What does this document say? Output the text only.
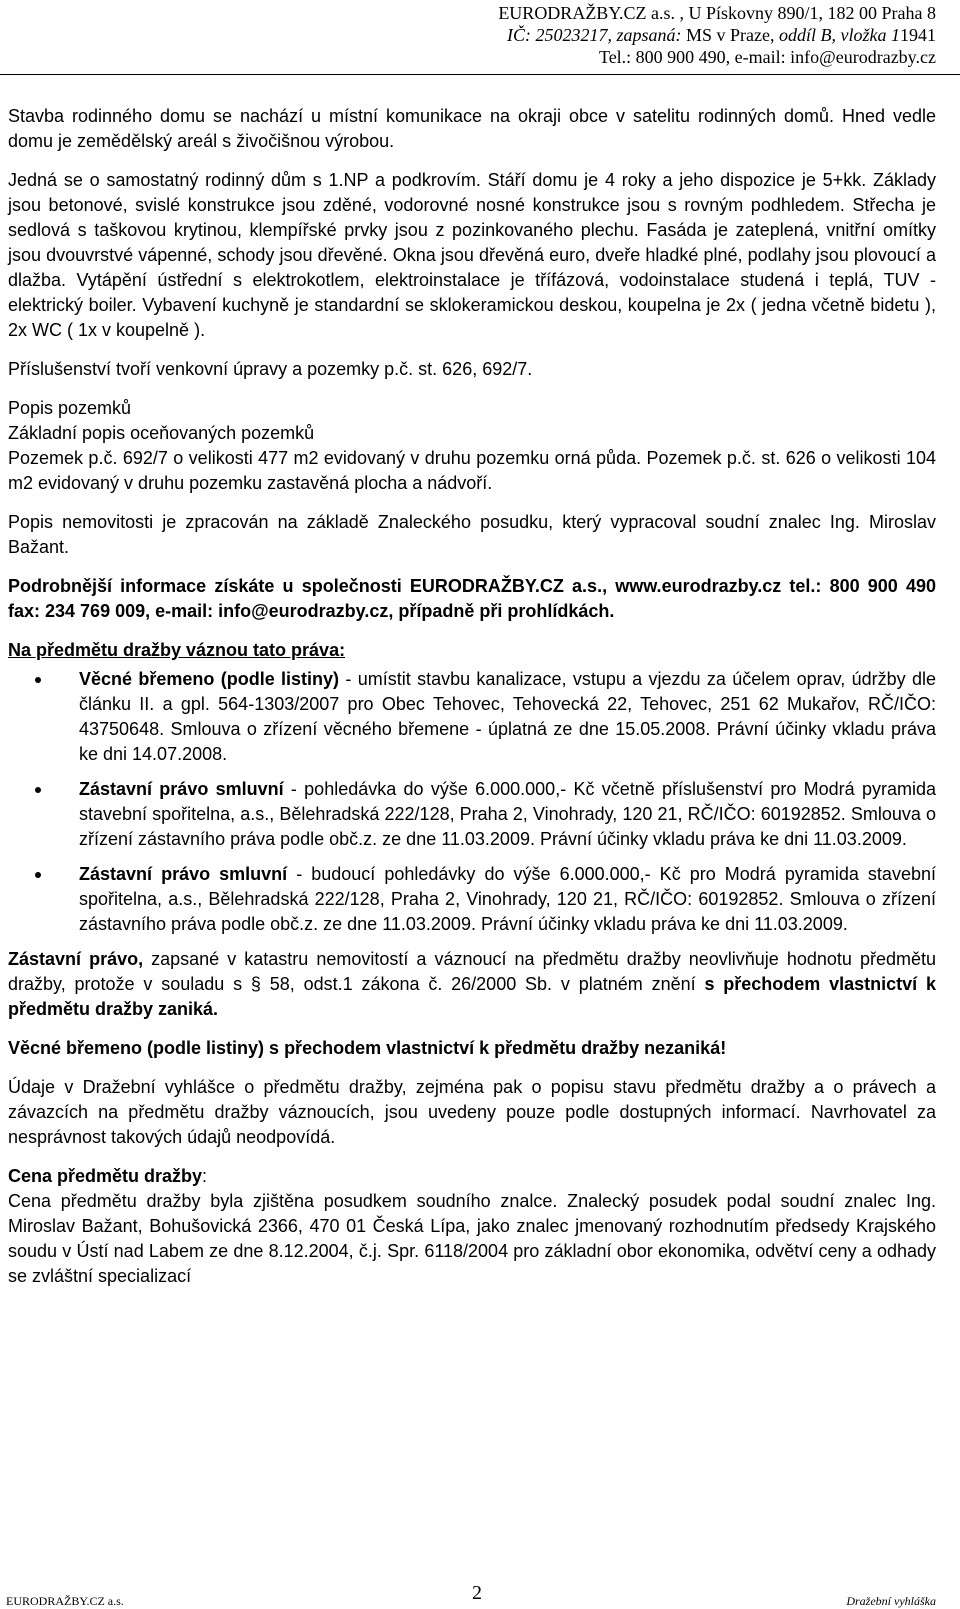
EURODRAŽBY.CZ a.s. , U Pískovny 890/1, 182 00 Praha 8
IČ: 25023217, zapsaná: MS v Praze, oddíl B, vložka 11941
Tel.: 800 900 490, e-mail: info@eurodrazby.cz

Stavba rodinného domu se nachází u místní komunikace na okraji obce v satelitu rodinných domů. Hned vedle domu je zemědělský areál s živočišnou výrobou.

Jedná se o samostatný rodinný dům s 1.NP a podkrovím. Stáří domu je 4 roky a jeho dispozice je 5+kk. Základy jsou betonové, svislé konstrukce jsou zděné, vodorovné nosné konstrukce jsou s rovným podhledem. Střecha je sedlová s taškovou krytinou, klempířské prvky jsou z pozinkovaného plechu. Fasáda je zateplená, vnitřní omítky jsou dvouvrstvé vápenné, schody jsou dřevěné. Okna jsou dřevěná euro, dveře hladké plné, podlahy jsou plovoucí a dlažba. Vytápění ústřední s elektrokotlem, elektroinstalace je třífázová, vodoinstalace studená i teplá, TUV - elektrický boiler. Vybavení kuchyně je standardní se sklokeramickou deskou, koupelna je 2x ( jedna včetně bidetu ), 2x WC ( 1x v koupelně ).

Příslušenství tvoří venkovní úpravy a pozemky p.č. st. 626, 692/7.

Popis pozemků
Základní popis oceňovaných pozemků
Pozemek p.č. 692/7 o velikosti 477 m2 evidovaný v druhu pozemku orná půda. Pozemek p.č. st. 626 o velikosti 104 m2 evidovaný v druhu pozemku zastavěná plocha a nádvoří.

Popis nemovitosti je zpracován na základě Znaleckého posudku, který vypracoval soudní znalec Ing. Miroslav Bažant.

Podrobnější informace získáte u společnosti EURODRAŽBY.CZ a.s., www.eurodrazby.cz tel.: 800 900 490 fax: 234 769 009, e-mail: info@eurodrazby.cz, případně při prohlídkách.

Na předmětu dražby váznou tato práva:

Věcné břemeno (podle listiny) - umístit stavbu kanalizace, vstupu a vjezdu za účelem oprav, údržby dle článku II. a gpl. 564-1303/2007 pro Obec Tehovec, Tehovecká 22, Tehovec, 251 62 Mukařov, RČ/IČO: 43750648. Smlouva o zřízení věcného břemene - úplatná ze dne 15.05.2008. Právní účinky vkladu práva ke dni 14.07.2008.
Zástavní právo smluvní - pohledávka do výše 6.000.000,- Kč včetně příslušenství pro Modrá pyramida stavební spořitelna, a.s., Bělehradská 222/128, Praha 2, Vinohrady, 120 21, RČ/IČO: 60192852. Smlouva o zřízení zástavního práva podle obč.z. ze dne 11.03.2009. Právní účinky vkladu práva ke dni 11.03.2009.
Zástavní právo smluvní - budoucí pohledávky do výše 6.000.000,- Kč pro Modrá pyramida stavební spořitelna, a.s., Bělehradská 222/128, Praha 2, Vinohrady, 120 21, RČ/IČO: 60192852. Smlouva o zřízení zástavního práva podle obč.z. ze dne 11.03.2009. Právní účinky vkladu práva ke dni 11.03.2009.

Zástavní právo, zapsané v katastru nemovitostí a váznoucí na předmětu dražby neovlivňuje hodnotu předmětu dražby, protože v souladu s § 58, odst.1 zákona č. 26/2000 Sb. v platném znění s přechodem vlastnictví k předmětu dražby zaniká.

Věcné břemeno (podle listiny) s přechodem vlastnictví k předmětu dražby nezaniká!

Údaje v Dražební vyhlášce o předmětu dražby, zejména pak o popisu stavu předmětu dražby a o právech a závazcích na předmětu dražby váznoucích, jsou uvedeny pouze podle dostupných informací. Navrhovatel za nesprávnost takových údajů neodpovídá.

Cena předmětu dražby:
Cena předmětu dražby byla zjištěna posudkem soudního znalce. Znalecký posudek podal soudní znalec Ing. Miroslav Bažant, Bohušovická 2366, 470 01 Česká Lípa, jako znalec jmenovaný rozhodnutím předsedy Krajského soudu v Ústí nad Labem ze dne 8.12.2004, č.j. Spr. 6118/2004 pro základní obor ekonomika, odvětví ceny a odhady se zvláštní specializací

EURODRAŽBY.CZ a.s.	2	Dražební vyhláška
